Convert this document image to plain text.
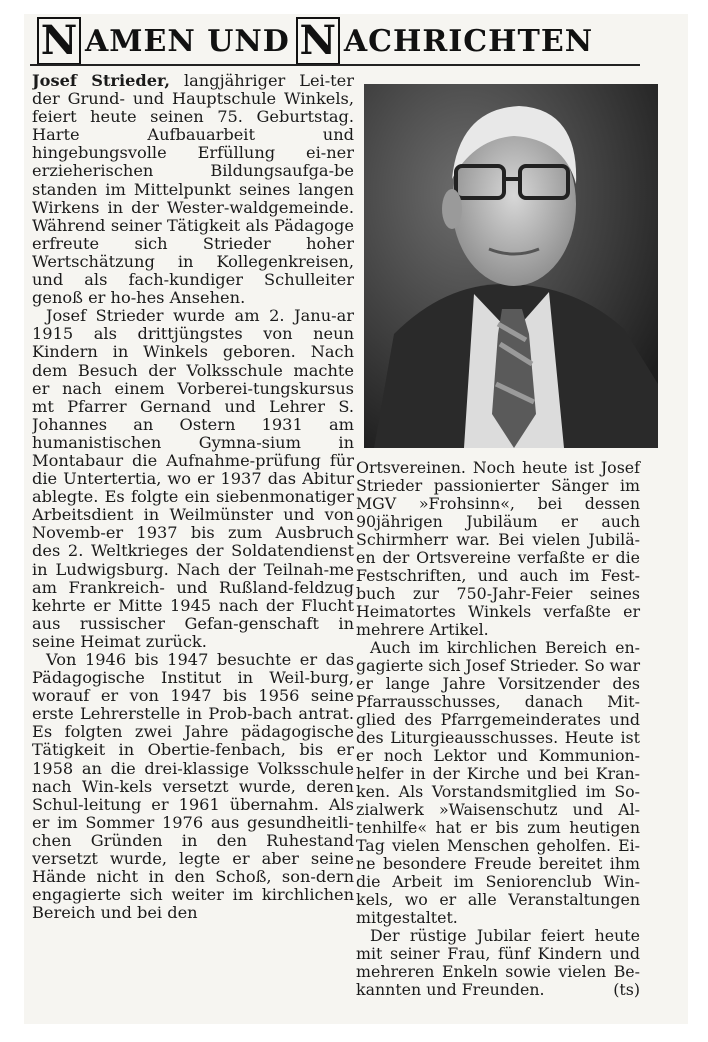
N AMEN UND N ACHRICHTEN

Josef Strieder, langjähriger Lei-ter der Grund- und Hauptschule Winkels, feiert heute seinen 75. Geburtstag. Harte Aufbauarbeit und hingebungsvolle Erfüllung ei-ner erzieherischen Bildungsaufga-be standen im Mittelpunkt seines langen Wirkens in der Wester-waldgemeinde. Während seiner Tätigkeit als Pädagoge erfreute sich Strieder hoher Wertschätzung in Kollegenkreisen, und als fach-kundiger Schulleiter genoß er ho-hes Ansehen.

Josef Strieder wurde am 2. Janu-ar 1915 als drittjüngstes von neun Kindern in Winkels geboren. Nach dem Besuch der Volksschule machte er nach einem Vorberei-tungskursus mt Pfarrer Gernand und Lehrer S. Johannes an Ostern 1931 am humanistischen Gymna-sium in Montabaur die Aufnahme-prüfung für die Untertertia, wo er 1937 das Abitur ablegte. Es folgte ein siebenmonatiger Arbeitsdient in Weilmünster und von Novemb-er 1937 bis zum Ausbruch des 2. Weltkrieges der Soldatendienst in Ludwigsburg. Nach der Teilnah-me am Frankreich- und Rußland-feldzug kehrte er Mitte 1945 nach der Flucht aus russischer Gefan-genschaft in seine Heimat zurück.

Von 1946 bis 1947 besuchte er das Pädagogische Institut in Weil-burg, worauf er von 1947 bis 1956 seine erste Lehrerstelle in Prob-bach antrat. Es folgten zwei Jahre pädagogische Tätigkeit in Obertie-fenbach, bis er 1958 an die drei-klassige Volksschule nach Win-kels versetzt wurde, deren Schul-leitung er 1961 übernahm. Als er im Sommer 1976 aus gesundheitli-chen Gründen in den Ruhestand versetzt wurde, legte er aber seine Hände nicht in den Schoß, son-dern engagierte sich weiter im kirchlichen Bereich und bei den

Ortsvereinen. Noch heute ist Josef Strieder passionierter Sänger im MGV »Frohsinn«, bei dessen 90jährigen Jubiläum er auch Schirmherr war. Bei vielen Jubilä-en der Ortsvereine verfaßte er die Festschriften, und auch im Fest-buch zur 750-Jahr-Feier seines Heimatortes Winkels verfaßte er mehrere Artikel.

Auch im kirchlichen Bereich en-gagierte sich Josef Strieder. So war er lange Jahre Vorsitzender des Pfarrausschusses, danach Mit-glied des Pfarrgemeinderates und des Liturgieausschusses. Heute ist er noch Lektor und Kommunion-helfer in der Kirche und bei Kran-ken. Als Vorstandsmitglied im So-zialwerk »Waisenschutz und Al-tenhilfe« hat er bis zum heutigen Tag vielen Menschen geholfen. Ei-ne besondere Freude bereitet ihm die Arbeit im Seniorenclub Win-kels, wo er alle Veranstaltungen mitgestaltet.

Der rüstige Jubilar feiert heute mit seiner Frau, fünf Kindern und mehreren Enkeln sowie vielen Be-kannten und Freunden.	(ts)
